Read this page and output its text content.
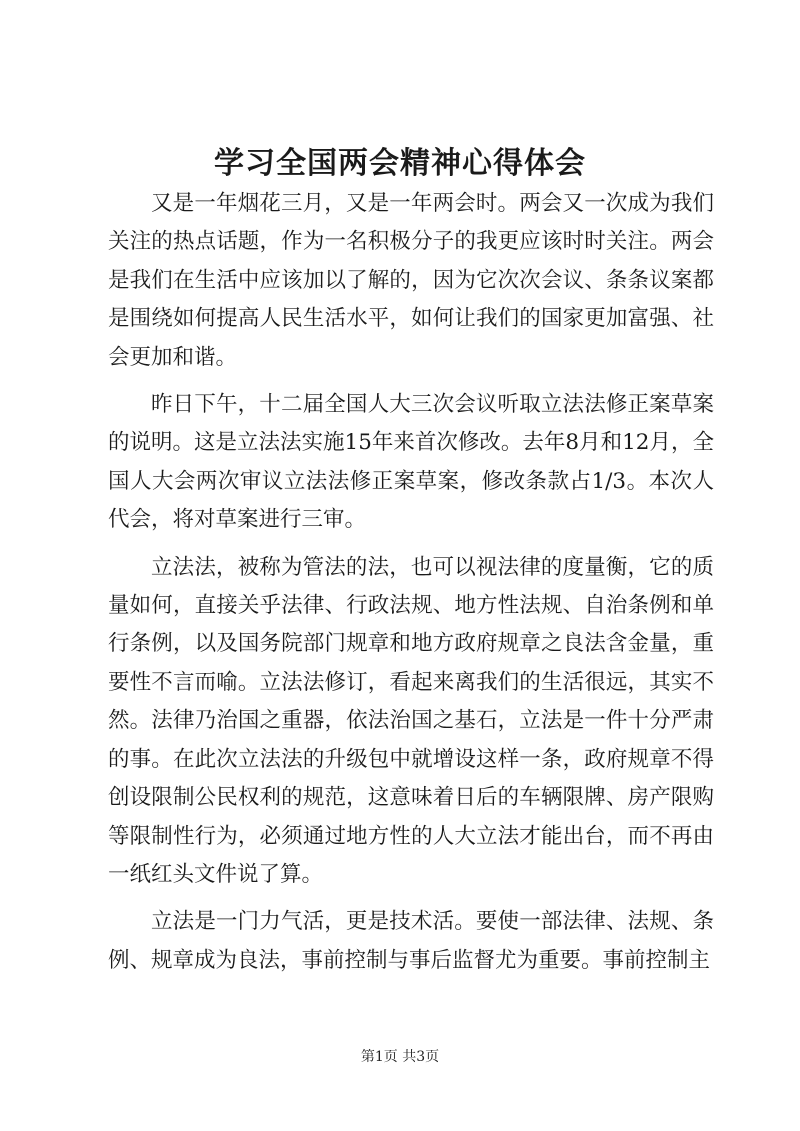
学习全国两会精神心得体会

又是一年烟花三月，又是一年两会时。两会又一次成为我们关注的热点话题，作为一名积极分子的我更应该时时关注。两会是我们在生活中应该加以了解的，因为它次次会议、条条议案都是围绕如何提高人民生活水平，如何让我们的国家更加富强、社会更加和谐。

昨日下午，十二届全国人大三次会议听取立法法修正案草案的说明。这是立法法实施15年来首次修改。去年8月和12月，全国人大会两次审议立法法修正案草案，修改条款占1/3。本次人代会，将对草案进行三审。

立法法，被称为管法的法，也可以视法律的度量衡，它的质量如何，直接关乎法律、行政法规、地方性法规、自治条例和单行条例，以及国务院部门规章和地方政府规章之良法含金量，重要性不言而喻。立法法修订，看起来离我们的生活很远，其实不然。法律乃治国之重器，依法治国之基石，立法是一件十分严肃的事。在此次立法法的升级包中就增设这样一条，政府规章不得创设限制公民权利的规范，这意味着日后的车辆限牌、房产限购等限制性行为，必须通过地方性的人大立法才能出台，而不再由一纸红头文件说了算。

立法是一门力气活，更是技术活。要使一部法律、法规、条例、规章成为良法，事前控制与事后监督尤为重要。事前控制主

第1页 共3页
